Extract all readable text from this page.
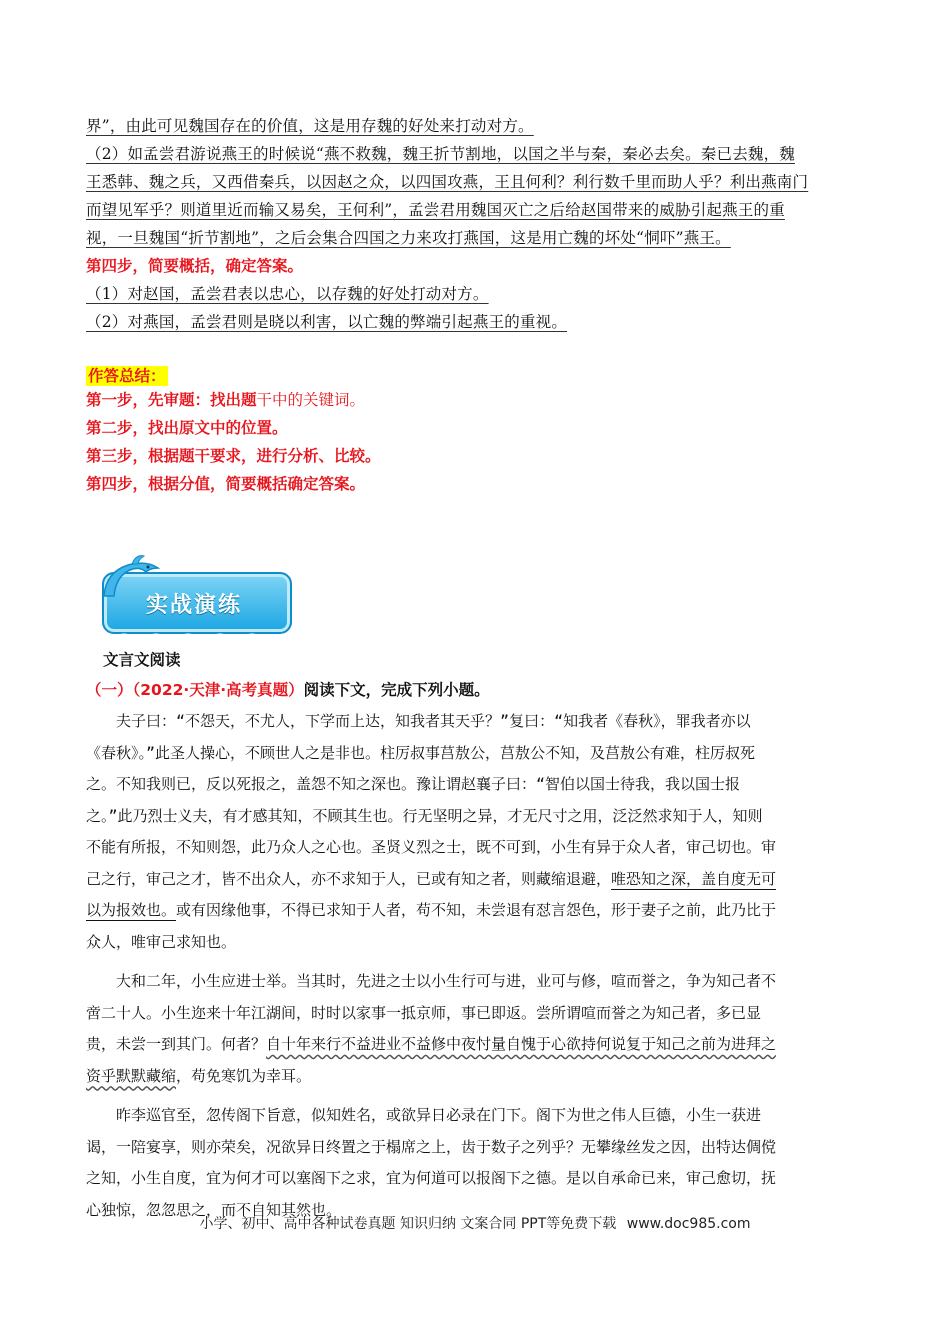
界”，由此可见魏国存在的价值，这是用存魏的好处来打动对方。
（2）如孟尝君游说燕王的时候说“燕不救魏，魏王折节割地，以国之半与秦，秦必去矣。秦已去魏，魏
王悉韩、魏之兵，又西借秦兵，以因赵之众，以四国攻燕，王且何利？利行数千里而助人乎？利出燕南门
而望见军乎？则道里近而输又易矣，王何利”，孟尝君用魏国灭亡之后给赵国带来的威胁引起燕王的重
视，一旦魏国“折节割地”，之后会集合四国之力来攻打燕国，这是用亡魏的坏处“恫吓”燕王。
第四步，简要概括，确定答案。
（1）对赵国，孟尝君表以忠心，以存魏的好处打动对方。
（2）对燕国，孟尝君则是晓以利害，以亡魏的弊端引起燕王的重视。
作答总结：
第一步，先审题：找出题干中的关键词。
第二步，找出原文中的位置。
第三步，根据题干要求，进行分析、比较。
第四步，根据分值，简要概括确定答案。
实战演练
文言文阅读
（一）（2022·天津·高考真题）阅读下文，完成下列小题。
夫子曰：“不怨天，不尤人，下学而上达，知我者其天乎？”复曰：“知我者《春秋》，罪我者亦以
《春秋》。”此圣人操心，不顾世人之是非也。柱厉叔事莒敖公，莒敖公不知，及莒敖公有难，柱厉叔死
之。不知我则已，反以死报之，盖怨不知之深也。豫让谓赵襄子曰：“智伯以国士待我，我以国士报
之。”此乃烈士义夫，有才感其知，不顾其生也。行无坚明之异，才无尺寸之用，泛泛然求知于人，知则
不能有所报，不知则怨，此乃众人之心也。圣贤义烈之士，既不可到，小生有异于众人者，审己切也。审
己之行，审己之才，皆不出众人，亦不求知于人，已或有知之者，则藏缩退避，唯恐知之深，盖自度无可
以为报效也。或有因缘他事，不得已求知于人者，苟不知，未尝退有怼言怨色，形于妻子之前，此乃比于
众人，唯审己求知也。
大和二年，小生应进士举。当其时，先进之士以小生行可与进，业可与修，喧而誉之，争为知己者不
啻二十人。小生迩来十年江湖间，时时以家事一抵京师，事已即返。尝所谓喧而誉之为知己者，多已显
贵，未尝一到其门。何者？自十年来行不益进业不益修中夜忖量自愧于心欲持何说复于知己之前为进拜之
资乎默默藏缩，苟免寒饥为幸耳。
昨李巡官至，忽传阁下旨意，似知姓名，或欲异日必录在门下。阁下为世之伟人巨德，小生一获进
谒，一陪宴享，则亦荣矣，况欲异日终置之于榻席之上，齿于数子之列乎？无攀缘丝发之因，出特达倜傥
之知，小生自度，宜为何才可以塞阁下之求，宜为何道可以报阁下之德。是以自承命已来，审己愈切，抚
心独惊，忽忽思之，而不自知其然也。
小学、初中、高中各种试卷真题 知识归纳 文案合同 PPT等免费下载 www.doc985.com
